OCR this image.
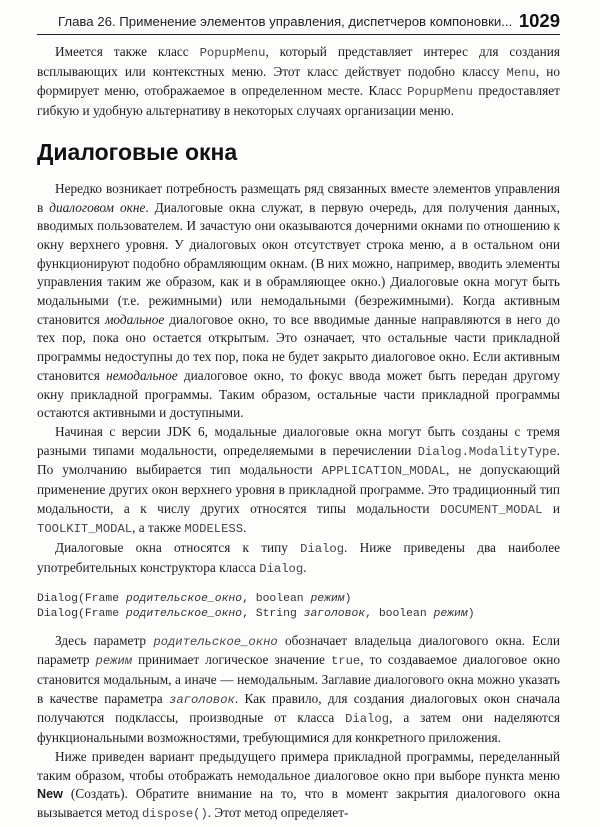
Глава 26. Применение элементов управления, диспетчеров компоновки... 1029

Имеется также класс PopupMenu, который представляет интерес для создания всплывающих или контекстных меню. Этот класс действует подобно классу Menu, но формирует меню, отображаемое в определенном месте. Класс PopupMenu предоставляет гибкую и удобную альтернативу в некоторых случаях организации меню.

Диалоговые окна

Нередко возникает потребность размещать ряд связанных вместе элементов управления в диалоговом окне. Диалоговые окна служат, в первую очередь, для получения данных, вводимых пользователем. И зачастую они оказываются дочерними окнами по отношению к окну верхнего уровня. У диалоговых окон отсутствует строка меню, а в остальном они функционируют подобно обрамляющим окнам. (В них можно, например, вводить элементы управления таким же образом, как и в обрамляющее окно.) Диалоговые окна могут быть модальными (т.е. режимными) или немодальными (безрежимными). Когда активным становится модальное диалоговое окно, то все вводимые данные направляются в него до тех пор, пока оно остается открытым. Это означает, что остальные части прикладной программы недоступны до тех пор, пока не будет закрыто диалоговое окно. Если активным становится немодальное диалоговое окно, то фокус ввода может быть передан другому окну прикладной программы. Таким образом, остальные части прикладной программы остаются активными и доступными.

Начиная с версии JDK 6, модальные диалоговые окна могут быть созданы с тремя разными типами модальности, определяемыми в перечислении Dialog.ModalityType. По умолчанию выбирается тип модальности APPLICATION_MODAL, не допускающий применение других окон верхнего уровня в прикладной программе. Это традиционный тип модальности, а к числу других относятся типы модальности DOCUMENT_MODAL и TOOLKIT_MODAL, а также MODELESS.

Диалоговые окна относятся к типу Dialog. Ниже приведены два наиболее употребительных конструктора класса Dialog.

Dialog(Frame родительское_окно, boolean режим)
Dialog(Frame родительское_окно, String заголовок, boolean режим)

Здесь параметр родительское_окно обозначает владельца диалогового окна. Если параметр режим принимает логическое значение true, то создаваемое диалоговое окно становится модальным, а иначе — немодальным. Заглавие диалогового окна можно указать в качестве параметра заголовок. Как правило, для создания диалоговых окон сначала получаются подклассы, производные от класса Dialog, а затем они наделяются функциональными возможностями, требующимися для конкретного приложения.

Ниже приведен вариант предыдущего примера прикладной программы, переделанный таким образом, чтобы отображать немодальное диалоговое окно при выборе пункта меню New (Создать). Обратите внимание на то, что в момент закрытия диалогового окна вызывается метод dispose(). Этот метод определяет-
